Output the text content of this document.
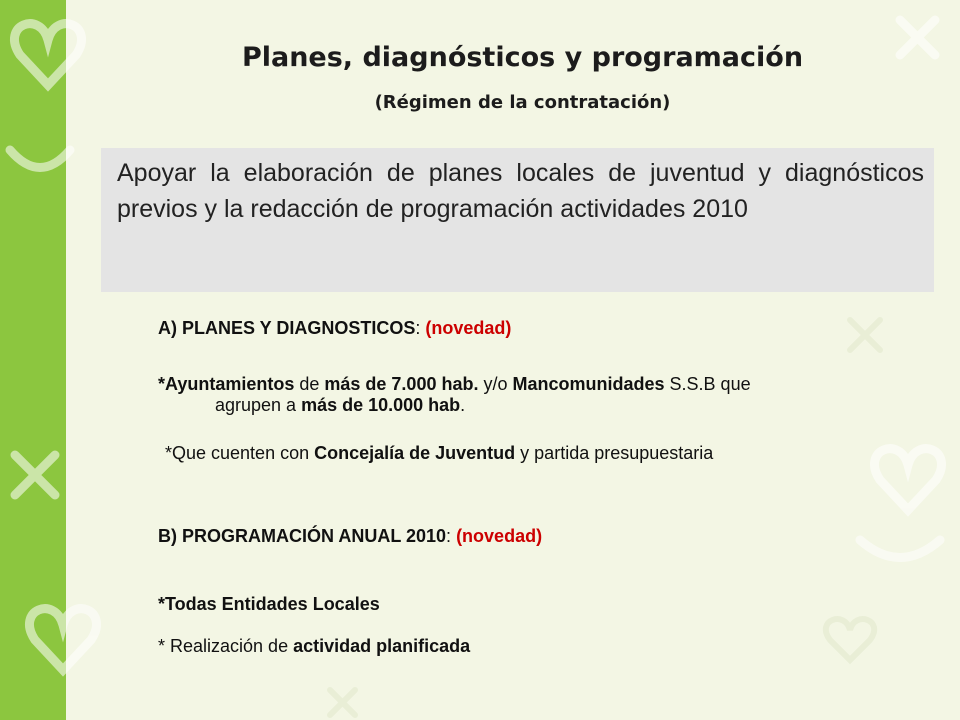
Planes, diagnósticos y programación
(Régimen de la contratación)
Apoyar la elaboración de planes locales de juventud y diagnósticos previos y la redacción de programación actividades 2010
A) PLANES Y DIAGNOSTICOS: (novedad)
*Ayuntamientos de más de 7.000 hab. y/o Mancomunidades S.S.B que
agrupen a más de 10.000 hab.
*Que cuenten con Concejalía de Juventud y partida presupuestaria
B) PROGRAMACIÓN ANUAL 2010: (novedad)
*Todas Entidades Locales
* Realización de actividad planificada
